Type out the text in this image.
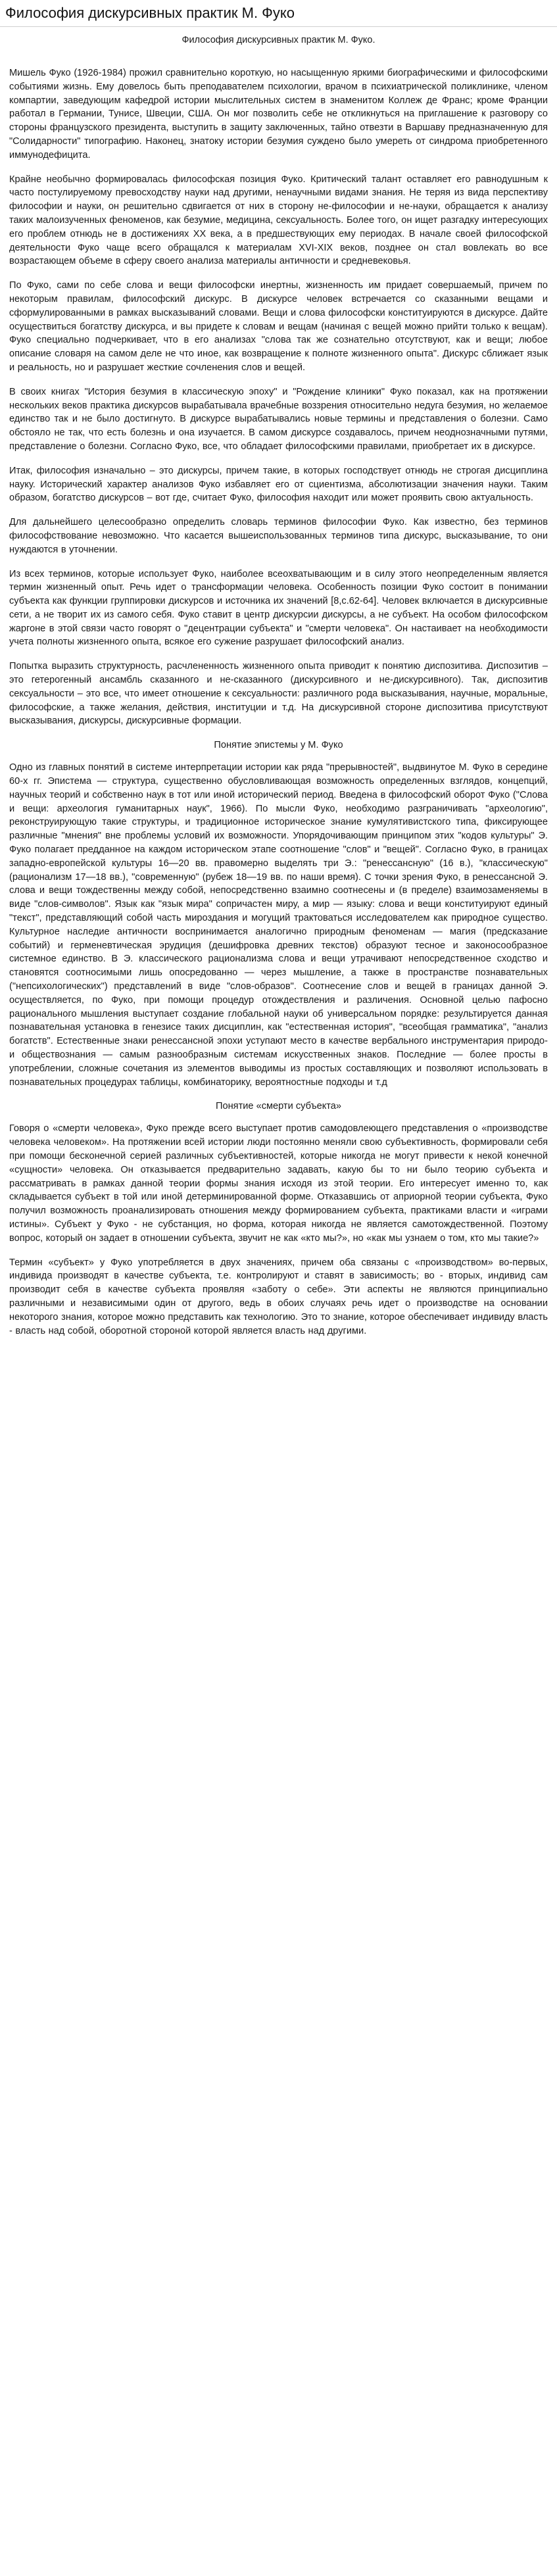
Философия дискурсивных практик М. Фуко
Философия дискурсивных практик М. Фуко.

Мишель Фуко (1926-1984) прожил сравнительно короткую, но насыщенную яркими биографическими и философскими событиями жизнь. Ему довелось быть преподавателем психологии, врачом в психиатрической поликлинике, членом компартии, заведующим кафедрой истории мыслительных систем в знаменитом Коллеж де Франс; кроме Франции работал в Германии, Тунисе, Швеции, США. Он мог позволить себе не откликнуться на приглашение к разговору со стороны французского президента, выступить в защиту заключенных, тайно отвезти в Варшаву предназначенную для "Солидарности" типографию. Наконец, знатоку истории безумия суждено было умереть от синдрома приобретенного иммунодефицита.

Крайне необычно формировалась философская позиция Фуко. Критический талант оставляет его равнодушным к часто постулируемому превосходству науки над другими, ненаучными видами знания. Не теряя из вида перспективу философии и науки, он решительно сдвигается от них в сторону не-философии и не-науки, обращается к анализу таких малоизученных феноменов, как безумие, медицина, сексуальность. Более того, он ищет разгадку интересующих его проблем отнюдь не в достижениях XX века, а в предшествующих ему периодах. В начале своей философской деятельности Фуко чаще всего обращался к материалам XVI-XIX веков, позднее он стал вовлекать во все возрастающем объеме в сферу своего анализа материалы античности и средневековья.

По Фуко, сами по себе слова и вещи философски инертны, жизненность им придает совершаемый, причем по некоторым правилам, философский дискурс. В дискурсе человек встречается со сказанными вещами и сформулированными в рамках высказываний словами. Вещи и слова философски конституируются в дискурсе. Дайте осуществиться богатству дискурса, и вы придете к словам и вещам (начиная с вещей можно прийти только к вещам). Фуко специально подчеркивает, что в его анализах "слова так же сознательно отсутствуют, как и вещи; любое описание словаря на самом деле не что иное, как возвращение к полноте жизненного опыта". Дискурс сближает язык и реальность, но и разрушает жесткие сочленения слов и вещей.

В своих книгах "История безумия в классическую эпоху" и "Рождение клиники" Фуко показал, как на протяжении нескольких веков практика дискурсов вырабатывала врачебные воззрения относительно недуга безумия, но желаемое единство так и не было достигнуто. В дискурсе вырабатывались новые термины и представления о болезни. Само обстояло не так, что есть болезнь и она изучается. В самом дискурсе создавалось, причем неоднозначными путями, представление о болезни. Согласно Фуко, все, что обладает философскими правилами, приобретает их в дискурсе.

Итак, философия изначально – это дискурсы, причем такие, в которых господствует отнюдь не строгая дисциплина науку. Исторический характер анализов Фуко избавляет его от сциентизма, абсолютизации значения науки. Таким образом, богатство дискурсов – вот где, считает Фуко, философия находит или может проявить свою актуальность.

Для дальнейшего целесообразно определить словарь терминов философии Фуко. Как известно, без терминов философствование невозможно. Что касается вышеиспользованных терминов типа дискурс, высказывание, то они нуждаются в уточнении.

Из всех терминов, которые использует Фуко, наиболее всеохватывающим и в силу этого неопределенным является термин жизненный опыт. Речь идет о трансформации человека. Особенность позиции Фуко состоит в понимании субъекта как функции группировки дискурсов и источника их значений [8,с.62-64]. Человек включается в дискурсивные сети, а не творит их из самого себя. Фуко ставит в центр дискурсии дискурсы, а не субъект. На особом философском жаргоне в этой связи часто говорят о "децентрации субъекта" и "смерти человека". Он настаивает на необходимости учета полноты жизненного опыта, всякое его сужение разрушает философский анализ.

Попытка выразить структурность, расчлененность жизненного опыта приводит к понятию диспозитива. Диспозитив – это гетерогенный ансамбль сказанного и не-сказанного (дискурсивного и не-дискурсивного). Так, диспозитив сексуальности – это все, что имеет отношение к сексуальности: различного рода высказывания, научные, моральные, философские, а также желания, действия, институции и т.д. На дискурсивной стороне диспозитива присутствуют высказывания, дискурсы, дискурсивные формации.

Понятие эпистемы у М. Фуко

Одно из главных понятий в системе интерпретации истории как ряда "прерывностей", выдвинутое М. Фуко в середине 60-х гг. Эпистема — структура, существенно обусловливающая возможность определенных взглядов, концепций, научных теорий и собственно наук в тот или иной исторический период. Введена в философский оборот Фуко ("Слова и вещи: археология гуманитарных наук", 1966). По мысли Фуко, необходимо разграничивать "археологию", реконструирующую такие структуры, и традиционное историческое знание кумулятивистского типа, фиксирующее различные "мнения" вне проблемы условий их возможности. Упорядочивающим принципом этих "кодов культуры" Э. Фуко полагает предданное на каждом историческом этапе соотношение "слов" и "вещей". Согласно Фуко, в границах западно-европейской культуры 16—20 вв. правомерно выделять три Э.: "ренессансную" (16 в.), "классическую" (рационализм 17—18 вв.), "современную" (рубеж 18—19 вв. по наши время). С точки зрения Фуко, в ренессансной Э. слова и вещи тождественны между собой, непосредственно взаимно соотнесены и (в пределе) взаимозаменяемы в виде "слов-символов". Язык как "язык мира" сопричастен миру, а мир — языку: слова и вещи конституируют единый "текст", представляющий собой часть мироздания и могущий трактоваться исследователем как природное существо. Культурное наследие античности воспринимается аналогично природным феноменам — магия (предсказание событий) и герменевтическая эрудиция (дешифровка древних текстов) образуют тесное и законосообразное системное единство. В Э. классического рационализма слова и вещи утрачивают непосредственное сходство и становятся соотносимыми лишь опосредованно — через мышление, а также в пространстве познавательных ("непсихологических") представлений в виде "слов-образов". Соотнесение слов и вещей в границах данной Э. осуществляется, по Фуко, при помощи процедур отождествления и различения. Основной целью пафосно рационального мышления выступает создание глобальной науки об универсальном порядке: результируется данная познавательная установка в генезисе таких дисциплин, как "естественная история", "всеобщая грамматика", "анализ богатств". Естественные знаки ренессансной эпохи уступают место в качестве вербального инструментария природо- и обществознания — самым разнообразным системам искусственных знаков. Последние — более просты в употреблении, сложные сочетания из элементов выводимы из простых составляющих и позволяют использовать в познавательных процедурах таблицы, комбинаторику, вероятностные подходы и т.д

Понятие «смерти субъекта»

Говоря о «смерти человека», Фуко прежде всего выступает против самодовлеющего представления о «производстве человека человеком». На протяжении всей истории люди постоянно меняли свою субъективность, формировали себя при помощи бесконечной серией различных субъективностей, которые никогда не могут привести к некой конечной «сущности» человека. Он отказывается предварительно задавать, какую бы то ни было теорию субъекта и рассматривать в рамках данной теории формы знания исходя из этой теории. Его интересует именно то, как складывается субъект в той или иной детерминированной форме. Отказавшись от априорной теории субъекта, Фуко получил возможность проанализировать отношения между формированием субъекта, практиками власти и «играми истины». Субъект у Фуко - не субстанция, но форма, которая никогда не является самотождественной. Поэтому вопрос, который он задает в отношении субъекта, звучит не как «кто мы?», но «как мы узнаем о том, кто мы такие?»

Термин «субъект» у Фуко употребляется в двух значениях, причем оба связаны с «производством» во-первых, индивида производят в качестве субъекта, т.е. контролируют и ставят в зависимость; во - вторых, индивид сам производит себя в качестве субъекта проявляя «заботу о себе». Эти аспекты не являются принципиально различными и независимыми один от другого, ведь в обоих случаях речь идет о производстве на основании некоторого знания, которое можно представить как технологию. Это то знание, которое обеспечивает индивиду власть - власть над собой, оборотной стороной которой является власть над другими.
